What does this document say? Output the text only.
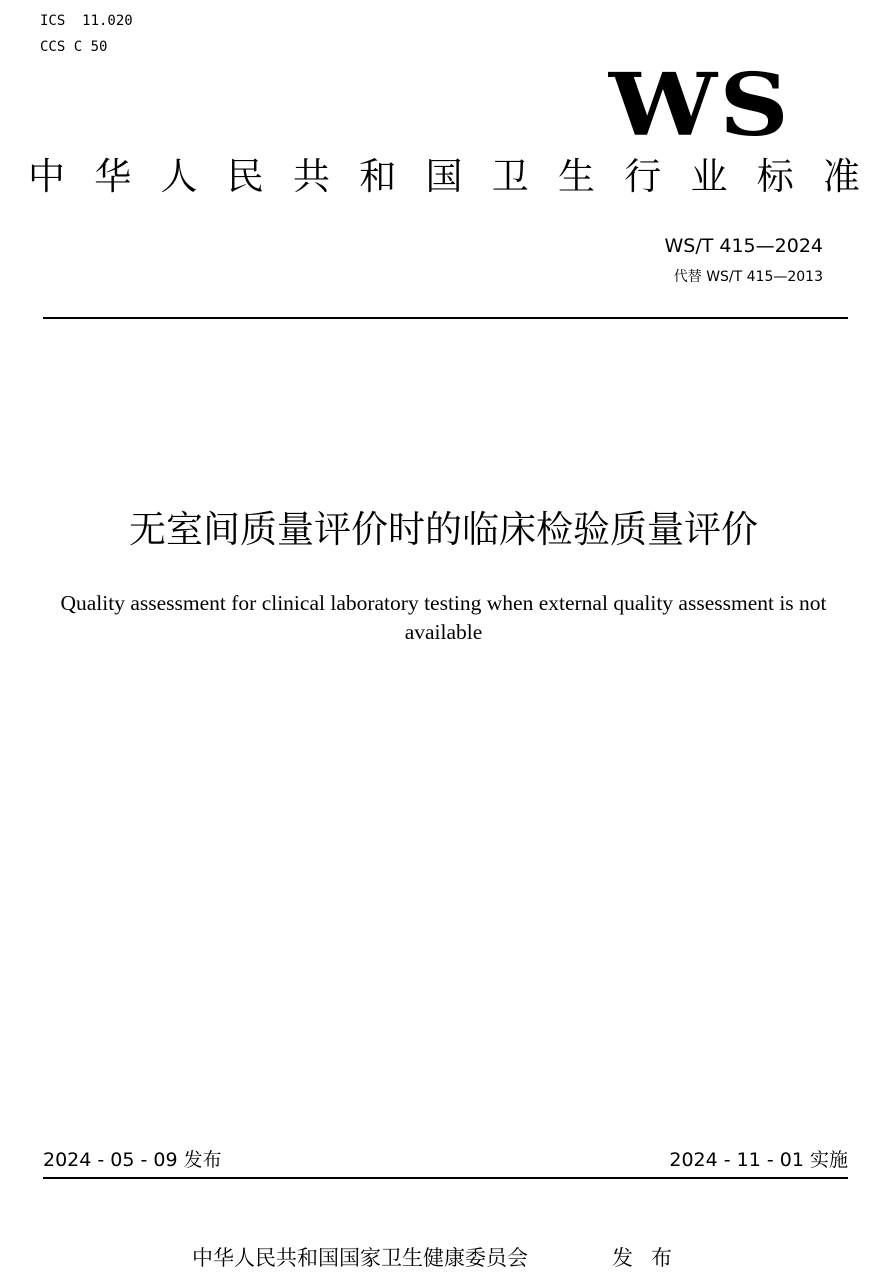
ICS  11.020
CCS C 50
WS
中 华 人 民 共 和 国 卫 生 行 业 标 准
WS/T 415—2024
代替 WS/T 415—2013
无室间质量评价时的临床检验质量评价
Quality assessment for clinical laboratory testing when external quality assessment is not available
2024 - 05 - 09 发布	2024 - 11 - 01 实施
中华人民共和国国家卫生健康委员会	发布
